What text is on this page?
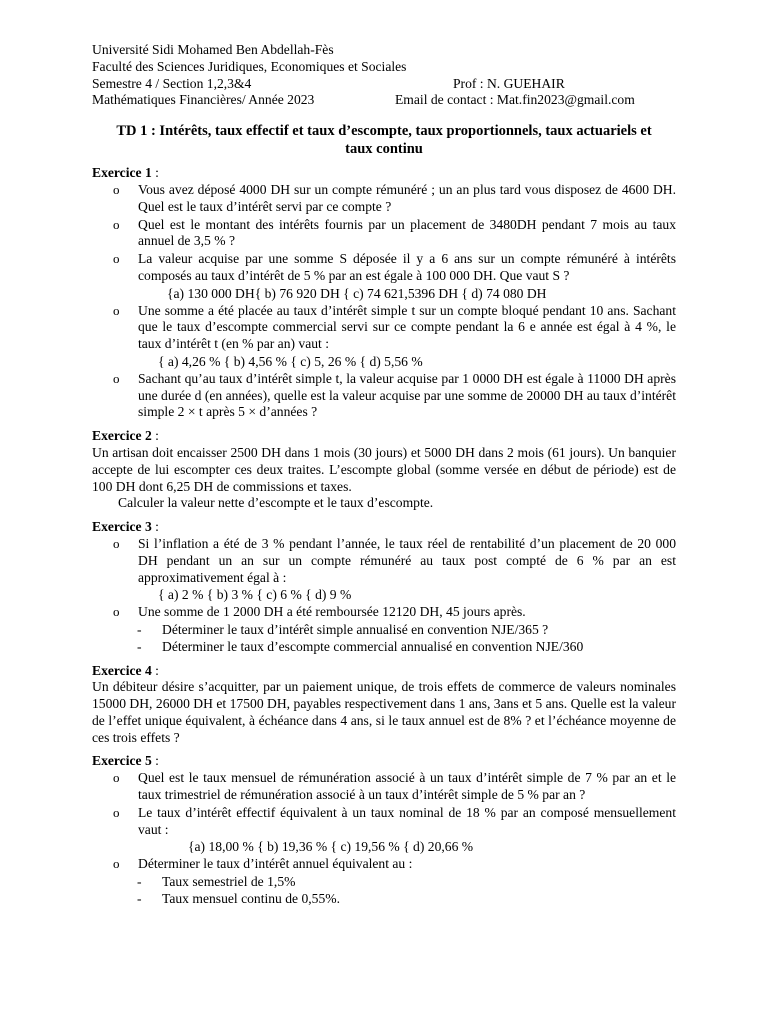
Université Sidi Mohamed Ben Abdellah-Fès
Faculté des Sciences Juridiques, Economiques et Sociales
Semestre 4 / Section 1,2,3&4	Prof : N. GUEHAIR
Mathématiques Financières/ Année 2023	Email de contact : Mat.fin2023@gmail.com
TD 1 : Intérêts, taux effectif et taux d’escompte, taux proportionnels, taux actuariels et taux continu
Exercice 1 :
o Vous avez déposé 4000 DH sur un compte rémunéré ; un an plus tard vous disposez de 4600 DH. Quel est le taux d’intérêt servi par ce compte ?
o Quel est le montant des intérêts fournis par un placement de 3480DH pendant 7 mois au taux annuel de 3,5 % ?
o La valeur acquise par une somme S déposée il y a 6 ans sur un compte rémunéré à intérêts composés au taux d’intérêt de 5 % par an est égale à 100 000 DH. Que vaut S ?
{a) 130 000 DH{ b) 76 920 DH { c) 74 621,5396 DH { d) 74 080 DH
o Une somme a été placée au taux d’intérêt simple t sur un compte bloqué pendant 10 ans. Sachant que le taux d’escompte commercial servi sur ce compte pendant la 6 e année est égal à 4 %, le taux d’intérêt t (en % par an) vaut :
{ a) 4,26 % { b) 4,56 % { c) 5, 26 % { d) 5,56 %
o Sachant qu’au taux d’intérêt simple t, la valeur acquise par 1 0000 DH est égale à 11000 DH après une durée d (en années), quelle est la valeur acquise par une somme de 20000 DH au taux d’intérêt simple 2 × t après 5 × d’années ?
Exercice 2 :
Un artisan doit encaisser 2500 DH dans 1 mois (30 jours) et 5000 DH dans 2 mois (61 jours). Un banquier accepte de lui escompter ces deux traites. L’escompte global (somme versée en début de période) est de 100 DH dont 6,25 DH de commissions et taxes.
Calculer la valeur nette d’escompte et le taux d’escompte.
Exercice 3 :
o Si l’inflation a été de 3 % pendant l’année, le taux réel de rentabilité d’un placement de 20 000 DH pendant un an sur un compte rémunéré au taux post compté de 6 % par an est approximativement égal à :
{ a) 2 % { b) 3 % { c) 6 % { d) 9 %
o Une somme de 1 2000 DH a été remboursée 12120 DH, 45 jours après.
- Déterminer le taux d’intérêt simple annualisé en convention NJE/365 ?
- Déterminer le taux d’escompte commercial annualisé en convention NJE/360
Exercice 4 :
Un débiteur désire s’acquitter, par un paiement unique, de trois effets de commerce de valeurs nominales 15000 DH, 26000 DH et 17500 DH, payables respectivement dans 1 ans, 3ans et 5 ans. Quelle est la valeur de l’effet unique équivalent, à échéance dans 4 ans, si le taux annuel est de 8% ? et l’échéance moyenne de ces trois effets ?
Exercice 5 :
o Quel est le taux mensuel de rémunération associé à un taux d’intérêt simple de 7 % par an et le taux trimestriel de rémunération associé à un taux d’intérêt simple de 5 % par an ?
o Le taux d’intérêt effectif équivalent à un taux nominal de 18 % par an composé mensuellement vaut :
{a) 18,00 % { b) 19,36 % { c) 19,56 % { d) 20,66 %
o Déterminer le taux d’intérêt annuel équivalent au :
- Taux semestriel de 1,5%
- Taux mensuel continu de 0,55%.
